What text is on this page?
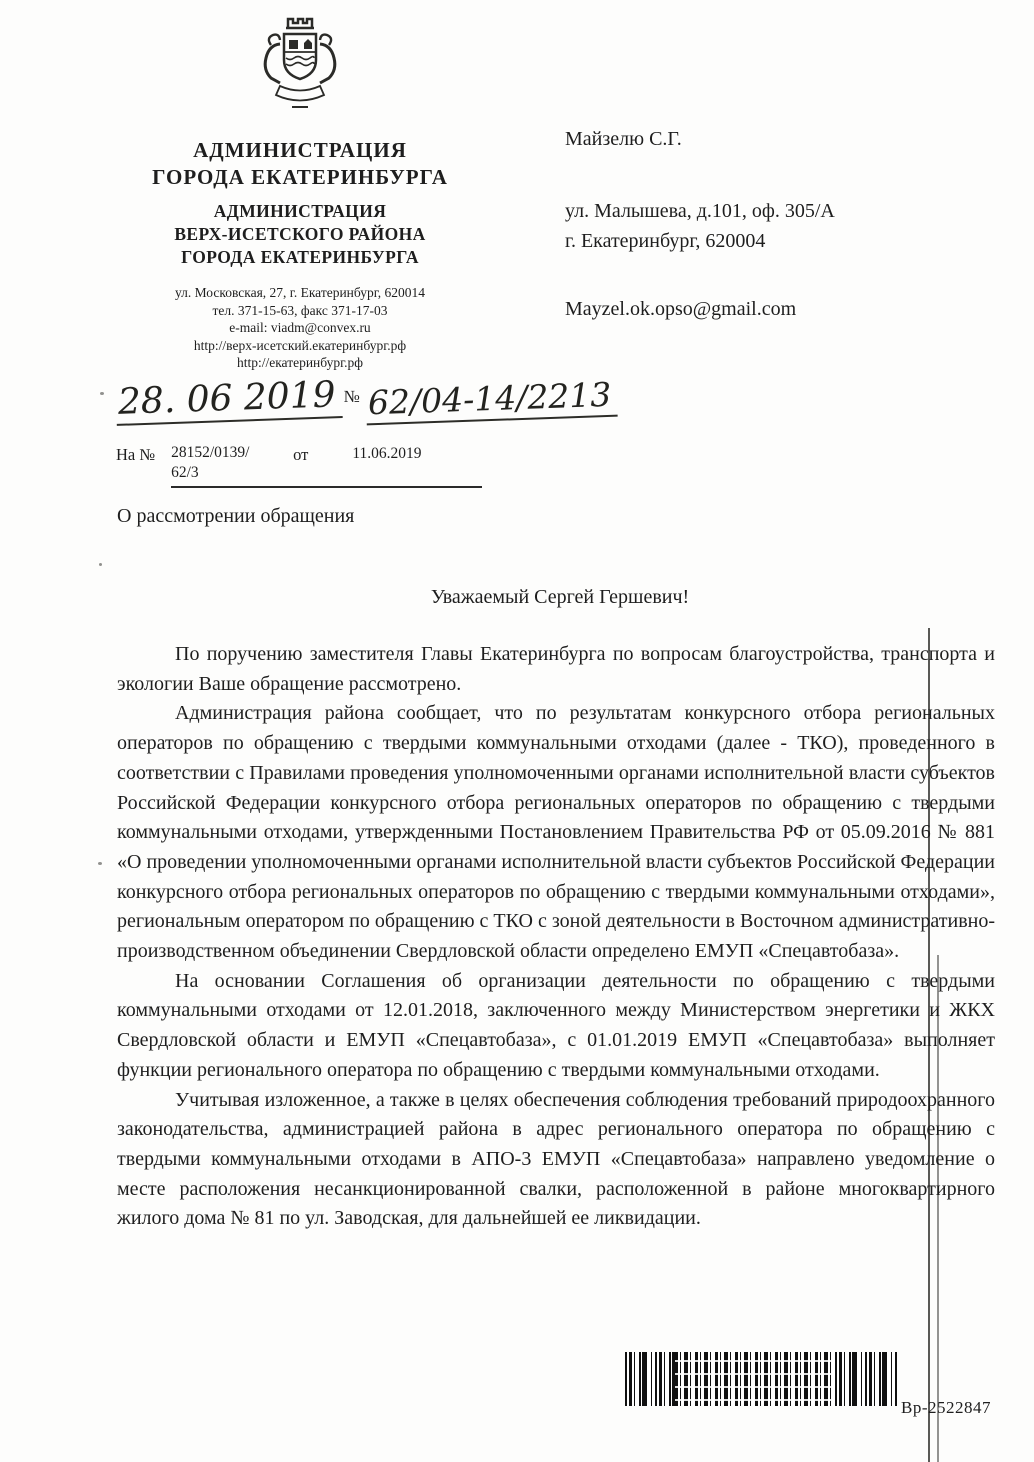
АДМИНИСТРАЦИЯ
ГОРОДА ЕКАТЕРИНБУРГА
АДМИНИСТРАЦИЯ
ВЕРХ-ИСЕТСКОГО РАЙОНА
ГОРОДА ЕКАТЕРИНБУРГА
ул. Московская, 27, г. Екатеринбург, 620014
тел. 371-15-63, факс 371-17-03
e-mail: viadm@convex.ru
http://верх-исетский.екатеринбург.рф
http://екатеринбург.рф
Майзелю С.Г.
ул. Малышева, д.101, оф. 305/А
г. Екатеринбург, 620004
Mayzel.ok.opso@gmail.com
28. 06 2019 № 62/04-14/2213
На № 28152/0139/
62/3
от	11.06.2019
О рассмотрении обращения
Уважаемый Сергей Гершевич!

По поручению заместителя Главы Екатеринбурга по вопросам благоустройства, транспорта и экологии Ваше обращение рассмотрено.

Администрация района сообщает, что по результатам конкурсного отбора региональных операторов по обращению с твердыми коммунальными отходами (далее - ТКО), проведенного в соответствии с Правилами проведения уполномоченными органами исполнительной власти субъектов Российской Федерации конкурсного отбора региональных операторов по обращению с твердыми коммунальными отходами, утвержденными Постановлением Правительства РФ от 05.09.2016 № 881 «О проведении уполномоченными органами исполнительной власти субъектов Российской Федерации конкурсного отбора региональных операторов по обращению с твердыми коммунальными отходами», региональным оператором по обращению с ТКО с зоной деятельности в Восточном административно-производственном объединении Свердловской области определено ЕМУП «Спецавтобаза».

На основании Соглашения об организации деятельности по обращению с твердыми коммунальными отходами от 12.01.2018, заключенного между Министерством энергетики и ЖКХ Свердловской области и ЕМУП «Спецавтобаза», с 01.01.2019 ЕМУП «Спецавтобаза» выполняет функции регионального оператора по обращению с твердыми коммунальными отходами.

Учитывая изложенное, а также в целях обеспечения соблюдения требований природоохранного законодательства, администрацией района в адрес регионального оператора по обращению с твердыми коммунальными отходами в АПО-3 ЕМУП «Спецавтобаза» направлено уведомление о месте расположения несанкционированной свалки, расположенной в районе многоквартирного жилого дома № 81 по ул. Заводская, для дальнейшей ее ликвидации.

Вр-2522847
